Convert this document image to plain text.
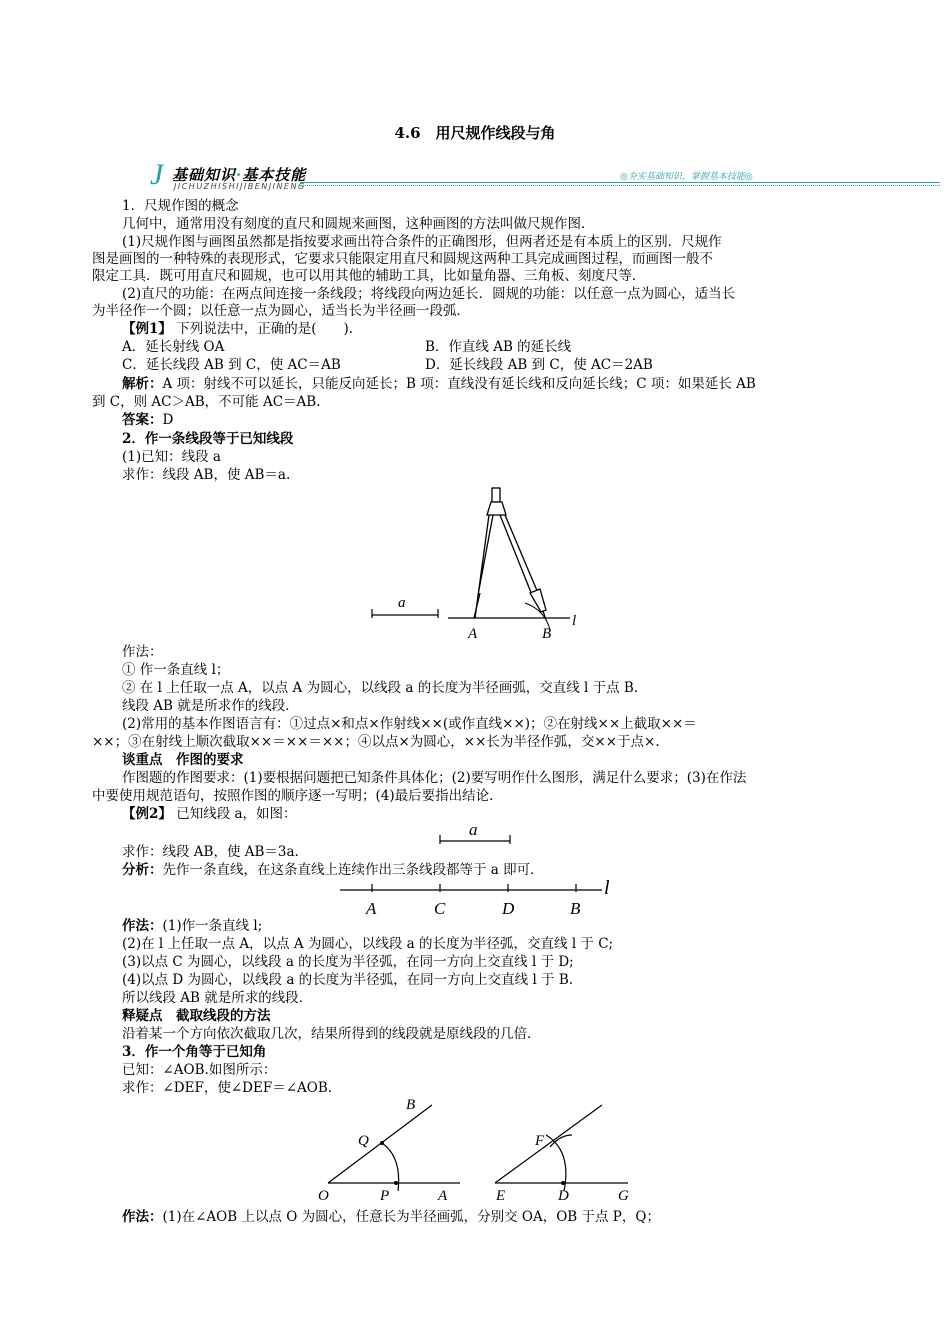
4.6　用尺规作线段与角
J 基础知识·基本技能
JICHUZHISHIJIBENJINENG
◎夯实基础知识，掌握基本技能◎
1．尺规作图的概念
几何中，通常用没有刻度的直尺和圆规来画图，这种画图的方法叫做尺规作图．
(1)尺规作图与画图虽然都是指按要求画出符合条件的正确图形，但两者还是有本质上的区别．尺规作
图是画图的一种特殊的表现形式，它要求只能限定用直尺和圆规这两种工具完成画图过程，而画图一般不
限定工具．既可用直尺和圆规，也可以用其他的辅助工具，比如量角器、三角板、刻度尺等．
(2)直尺的功能：在两点间连接一条线段；将线段向两边延长．圆规的功能：以任意一点为圆心，适当长
为半径作一个圆；以任意一点为圆心，适当长为半径画一段弧．
【例1】 下列说法中，正确的是(　　)．
A．延长射线 OA	B．作直线 AB 的延长线
C．延长线段 AB 到 C，使 AC＝AB	D．延长线段 AB 到 C，使 AC＝2AB
解析：A 项：射线不可以延长，只能反向延长；B 项：直线没有延长线和反向延长线；C 项：如果延长 AB
到 C，则 AC＞AB，不可能 AC＝AB.
答案：D
2．作一条线段等于已知线段
(1)已知：线段 a
求作：线段 AB，使 AB＝a.
a
l
A	B
作法：
① 作一条直线 l；
② 在 l 上任取一点 A，以点 A 为圆心，以线段 a 的长度为半径画弧，交直线 l 于点 B.
线段 AB 就是所求作的线段．
(2)常用的基本作图语言有：①过点×和点×作射线××(或作直线××)；②在射线××上截取××＝
××；③在射线上顺次截取××＝××＝××；④以点×为圆心，××长为半径作弧，交××于点×.
谈重点　作图的要求
作图题的作图要求：(1)要根据问题把已知条件具体化；(2)要写明作什么图形，满足什么要求；(3)在作法
中要使用规范语句，按照作图的顺序逐一写明；(4)最后要指出结论．
【例2】 已知线段 a，如图：
a
求作：线段 AB，使 AB＝3a.
分析：先作一条直线，在这条直线上连续作出三条线段都等于 a 即可．
l
A	C	D	B
作法：(1)作一条直线 l;
(2)在 l 上任取一点 A，以点 A 为圆心，以线段 a 的长度为半径弧，交直线 l 于 C;
(3)以点 C 为圆心，以线段 a 的长度为半径弧，在同一方向上交直线 l 于 D;
(4)以点 D 为圆心，以线段 a 的长度为半径弧，在同一方向上交直线 l 于 B.
所以线段 AB 就是所求的线段．
释疑点　截取线段的方法
沿着某一个方向依次截取几次，结果所得到的线段就是原线段的几倍．
3．作一个角等于已知角
已知：∠AOB.如图所示：
求作：∠DEF，使∠DEF＝∠AOB.
B
Q
O	P	A
F
E	D	G
作法：(1)在∠AOB 上以点 O 为圆心，任意长为半径画弧，分别交 OA，OB 于点 P，Q；
